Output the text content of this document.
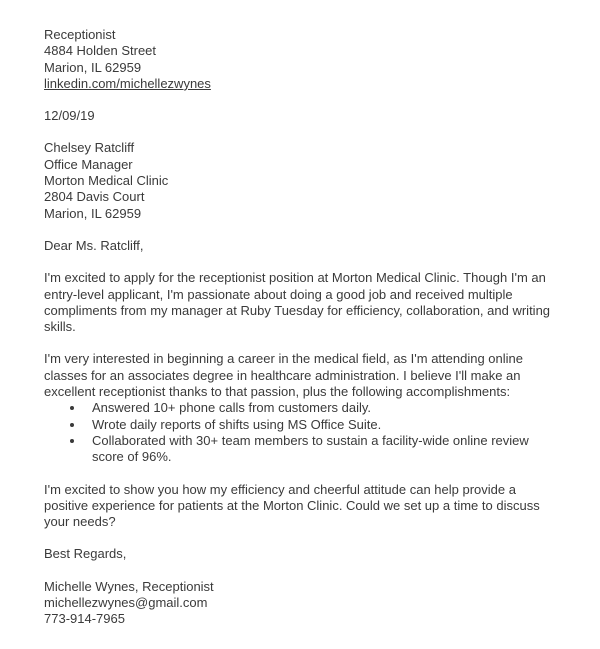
Receptionist
4884 Holden Street
Marion, IL 62959
linkedin.com/michellezwynes
12/09/19
Chelsey Ratcliff
Office Manager
Morton Medical Clinic
2804 Davis Court
Marion, IL 62959
Dear Ms. Ratcliff,

I'm excited to apply for the receptionist position at Morton Medical Clinic. Though I'm an entry-level applicant, I'm passionate about doing a good job and received multiple compliments from my manager at Ruby Tuesday for efficiency, collaboration, and writing skills.

I'm very interested in beginning a career in the medical field, as I'm attending online classes for an associates degree in healthcare administration. I believe I'll make an excellent receptionist thanks to that passion, plus the following accomplishments:

• Answered 10+ phone calls from customers daily.
• Wrote daily reports of shifts using MS Office Suite.
• Collaborated with 30+ team members to sustain a facility-wide online review score of 96%.

I'm excited to show you how my efficiency and cheerful attitude can help provide a positive experience for patients at the Morton Clinic. Could we set up a time to discuss your needs?

Best Regards,
Michelle Wynes, Receptionist
michellezwynes@gmail.com
773-914-7965
